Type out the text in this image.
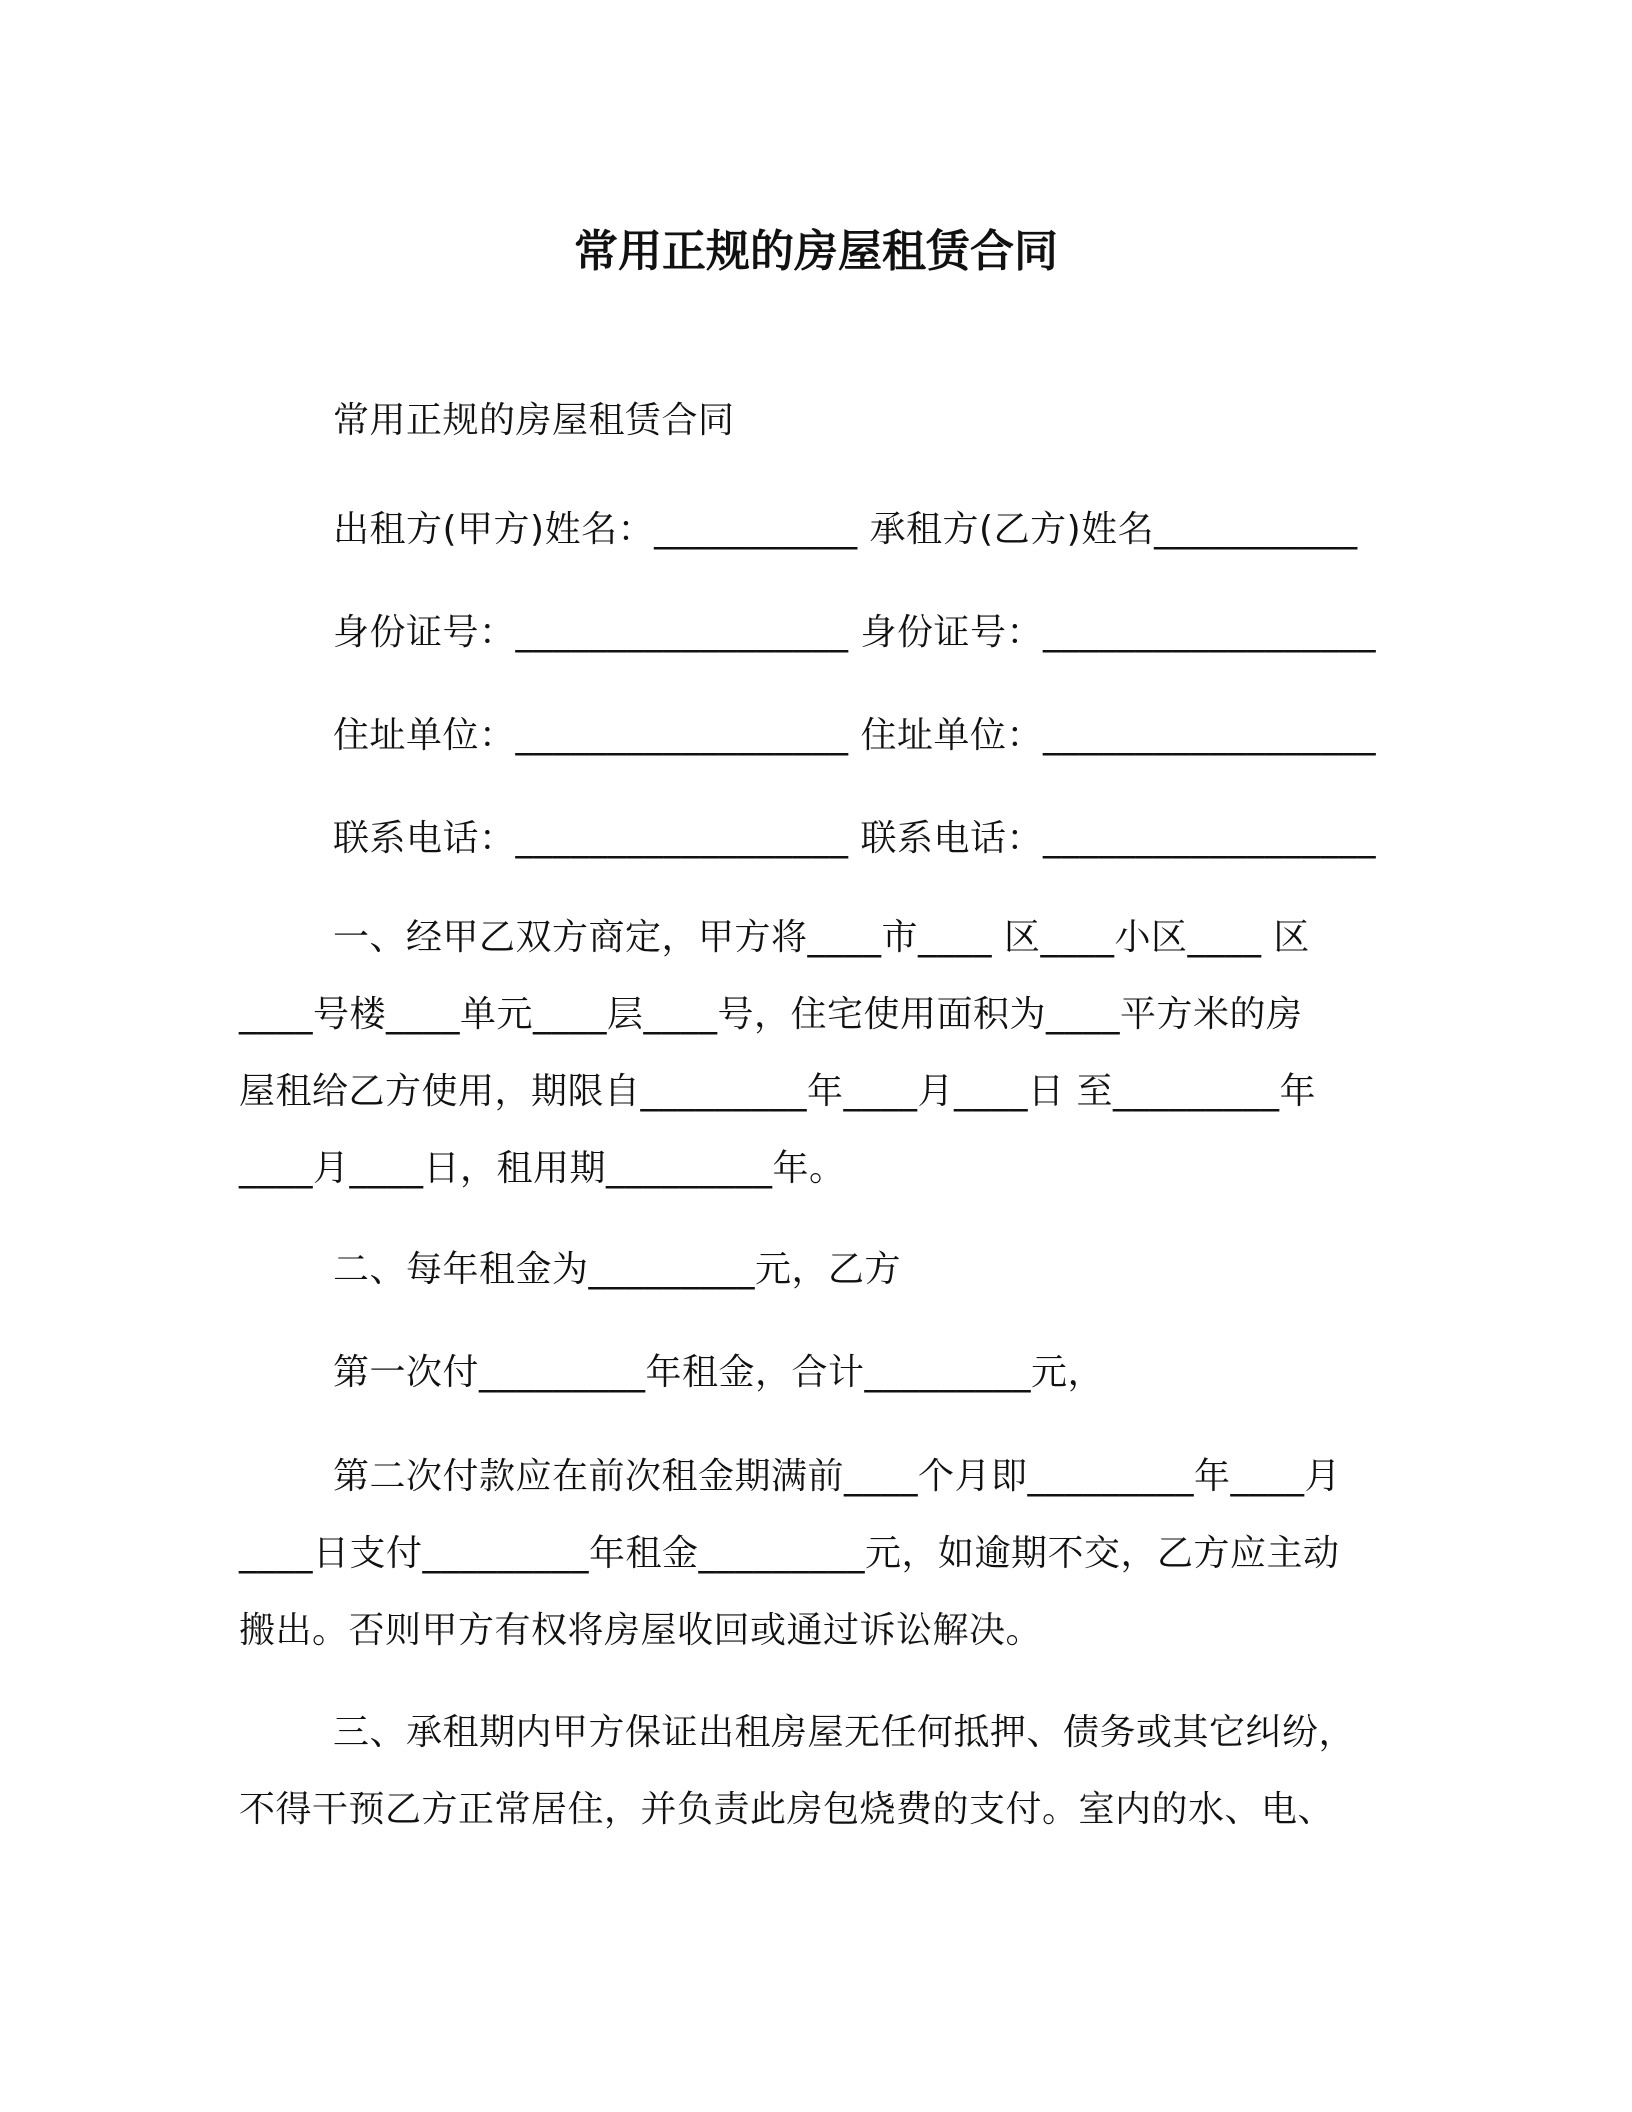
常用正规的房屋租赁合同
常用正规的房屋租赁合同
出租方(甲方)姓名：___________ 承租方(乙方)姓名___________
身份证号：__________________ 身份证号：__________________
住址单位：__________________ 住址单位：__________________
联系电话：__________________ 联系电话：__________________
一、经甲乙双方商定，甲方将____市____ 区____小区____ 区
____号楼____单元____层____号，住宅使用面积为____平方米的房
屋租给乙方使用，期限自_________年____月____日 至_________年
____月____日，租用期_________年。
二、每年租金为_________元，乙方
第一次付_________年租金，合计_________元，
第二次付款应在前次租金期满前____个月即_________年____月
____日支付_________年租金_________元，如逾期不交，乙方应主动
搬出。否则甲方有权将房屋收回或通过诉讼解决。
三、承租期内甲方保证出租房屋无任何抵押、债务或其它纠纷，
不得干预乙方正常居住，并负责此房包烧费的支付。室内的水、电、
